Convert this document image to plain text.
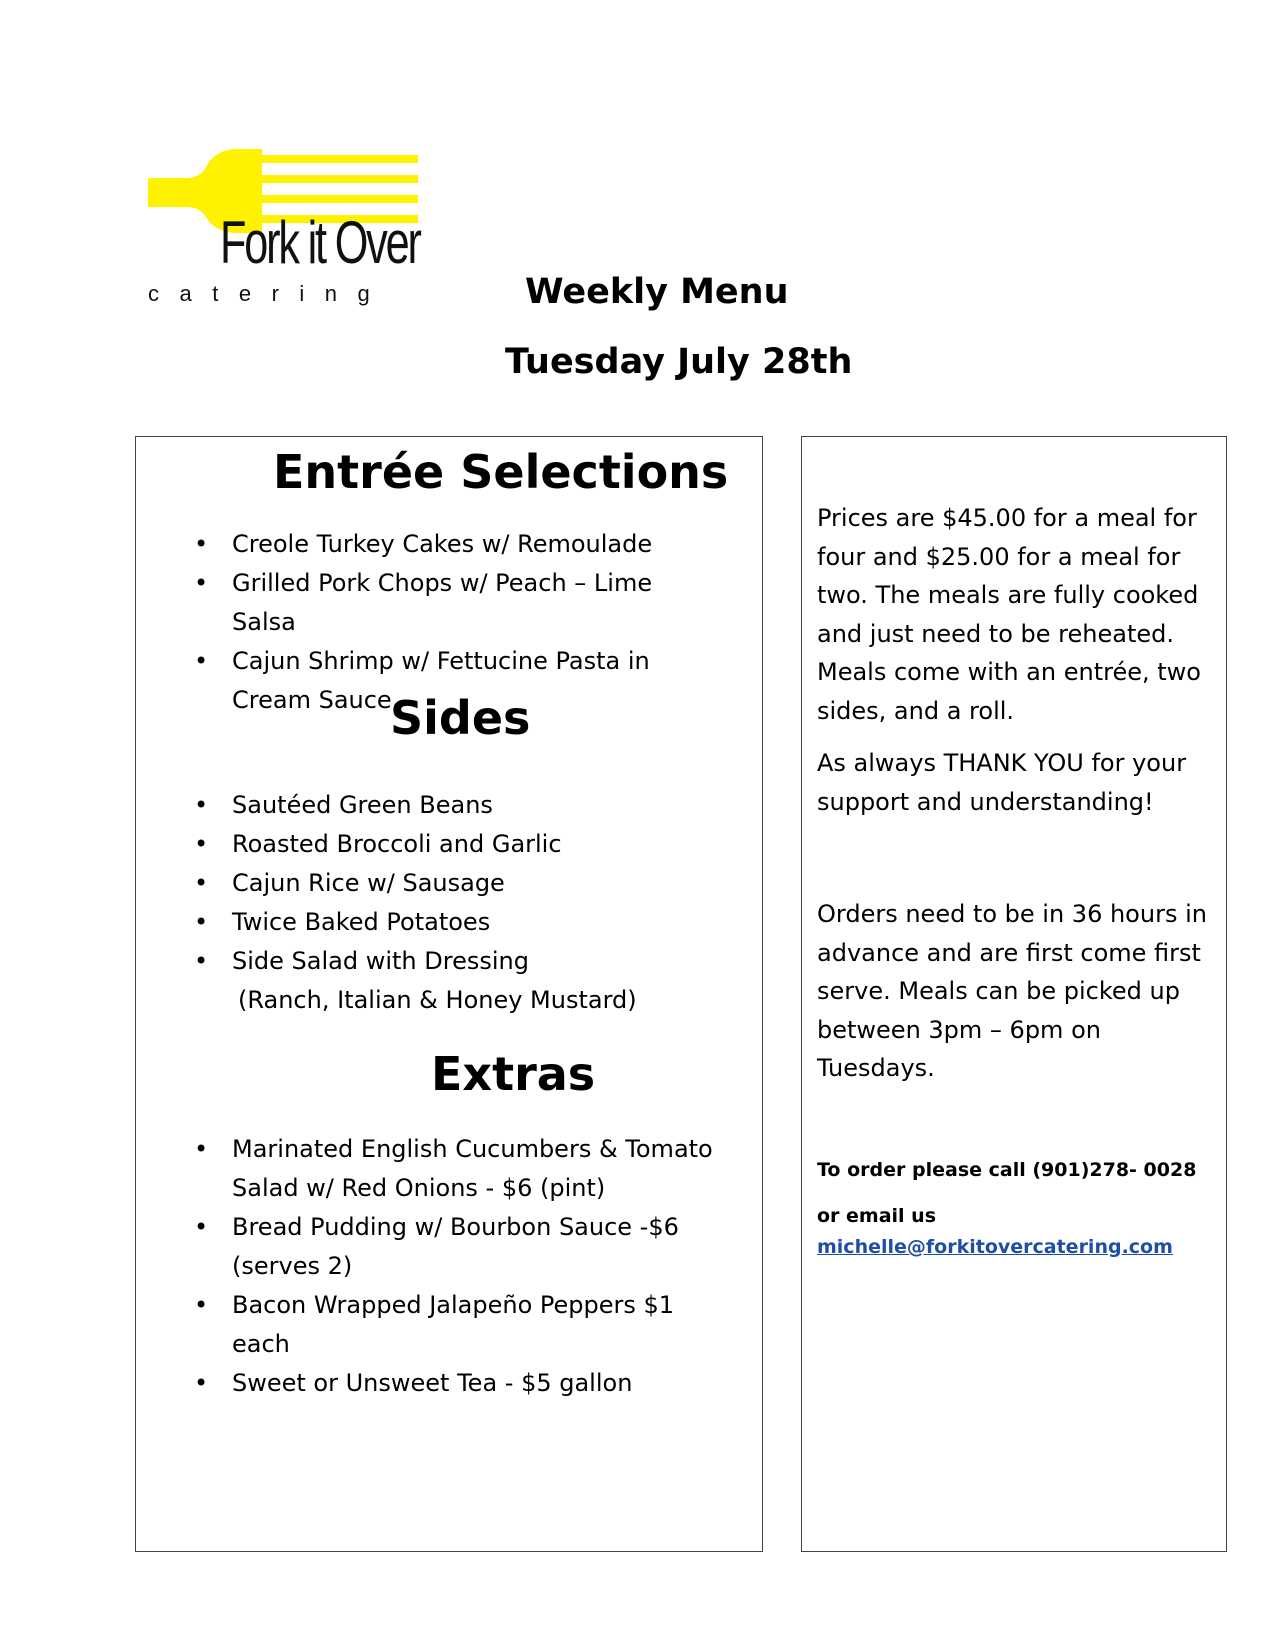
Fork it Over
catering	Weekly Menu
Tuesday July 28th
Entrée Selections
• Creole Turkey Cakes w/ Remoulade
• Grilled Pork Chops w/ Peach – Lime Salsa
• Cajun Shrimp w/ Fettucine Pasta in Cream Sauce
Sides
• Sautéed Green Beans
• Roasted Broccoli and Garlic
• Cajun Rice w/ Sausage
• Twice Baked Potatoes
• Side Salad with Dressing
(Ranch, Italian & Honey Mustard)
Extras
• Marinated English Cucumbers & Tomato Salad w/ Red Onions - $6 (pint)
• Bread Pudding w/ Bourbon Sauce -$6 (serves 2)
• Bacon Wrapped Jalapeño Peppers $1 each
• Sweet or Unsweet Tea - $5 gallon

Prices are $45.00 for a meal for four and $25.00 for a meal for two. The meals are fully cooked and just need to be reheated. Meals come with an entrée, two sides, and a roll.

As always THANK YOU for your support and understanding!

Orders need to be in 36 hours in advance and are first come first serve. Meals can be picked up between 3pm – 6pm on Tuesdays.

To order please call (901)278- 0028
or email us
michelle@forkitovercatering.com
